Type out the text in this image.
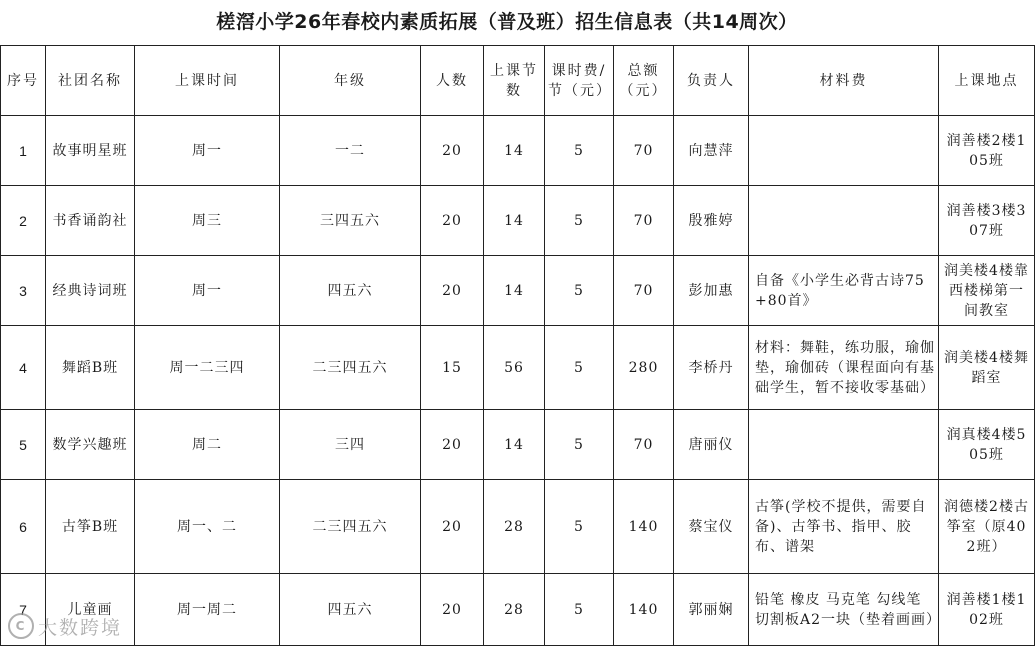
槎滘小学26年春校内素质拓展（普及班）招生信息表（共14周次）
序号	社团名称	上课时间	年级	人数	上课节数	课时费/节（元）	总额（元）	负责人	材料费	上课地点
1	故事明星班	周一	一二	20	14	5	70	向慧萍		润善楼2楼105班
2	书香诵韵社	周三	三四五六	20	14	5	70	殷雅婷		润善楼3楼307班
3	经典诗词班	周一	四五六	20	14	5	70	彭加惠	自备《小学生必背古诗75+80首》	润美楼4楼靠西楼梯第一间教室
4	舞蹈B班	周一二三四	二三四五六	15	56	5	280	李桥丹	材料：舞鞋，练功服，瑜伽垫，瑜伽砖（课程面向有基础学生，暂不接收零基础）	润美楼4楼舞蹈室
5	数学兴趣班	周二	三四	20	14	5	70	唐丽仪		润真楼4楼505班
6	古筝B班	周一、二	二三四五六	20	28	5	140	蔡宝仪	古筝(学校不提供，需要自备)、古筝书、指甲、胶布、谱架	润德楼2楼古筝室（原402班）
7	儿童画	周一周二	四五六	20	28	5	140	郭丽娴	铅笔 橡皮 马克笔 勾线笔 切割板A2一块（垫着画画）	润善楼1楼102班
C 大数跨境
